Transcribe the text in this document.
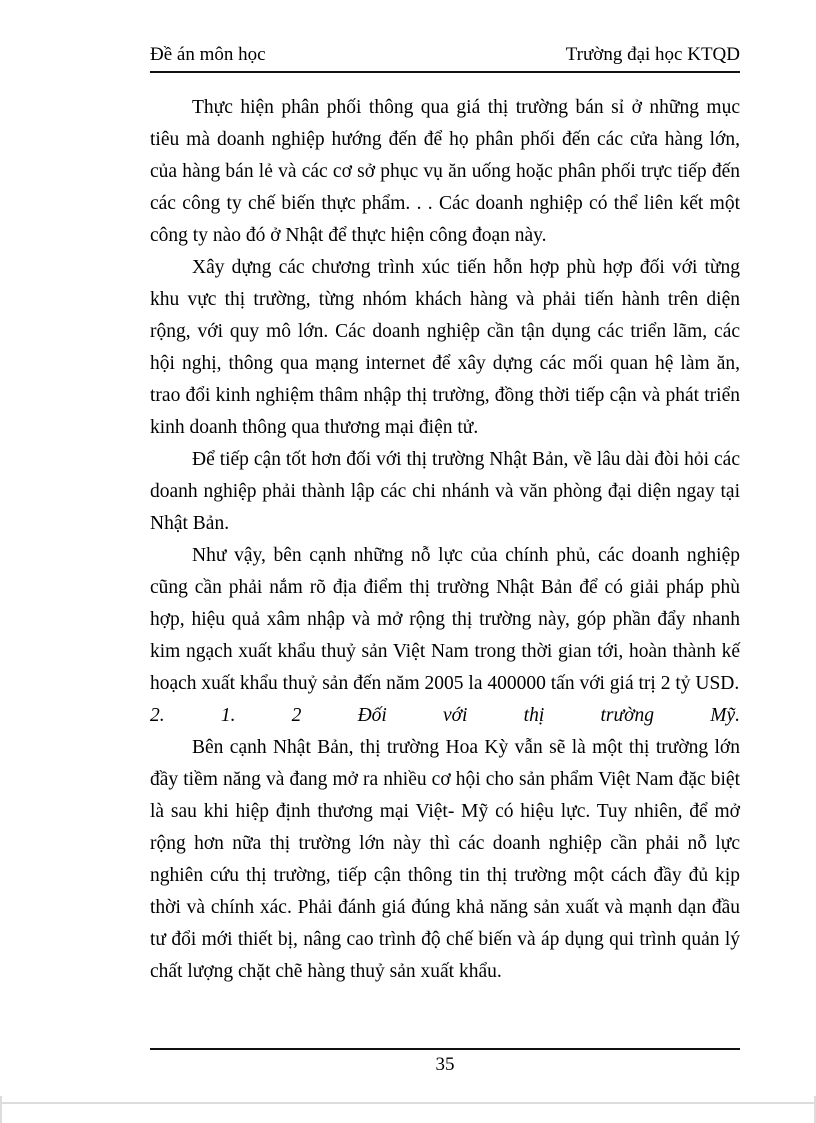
Đề án môn học	Trường đại học KTQD

Thực hiện phân phối thông qua giá thị trường bán sỉ ở những mục tiêu mà doanh nghiệp hướng đến để họ phân phối đến các cửa hàng lớn, của hàng bán lẻ và các cơ sở phục vụ ăn uống hoặc phân phối trực tiếp đến các công ty chế biến thực phẩm. . . Các doanh nghiệp có thể liên kết một công ty nào đó ở Nhật để thực hiện công đoạn này.

Xây dựng các chương trình xúc tiến hỗn hợp phù hợp đối với từng khu vực thị trường, từng nhóm khách hàng và phải tiến hành trên diện rộng, với quy mô lớn. Các doanh nghiệp cần tận dụng các triển lãm, các hội nghị, thông qua mạng internet để xây dựng các mối quan hệ làm ăn, trao đổi kinh nghiệm thâm nhập thị trường, đồng thời tiếp cận và phát triển kinh doanh thông qua thương mại điện tử.

Để tiếp cận tốt hơn đối với thị trường Nhật Bản, về lâu dài đòi hỏi các doanh nghiệp phải thành lập các chi nhánh và văn phòng đại diện ngay tại Nhật Bản.

Như vậy, bên cạnh những nỗ lực của chính phủ, các doanh nghiệp cũng cần phải nắm rõ địa điểm thị trường Nhật Bản để có giải pháp phù hợp, hiệu quả xâm nhập và mở rộng thị trường này, góp phần đẩy nhanh kim ngạch xuất khẩu thuỷ sản Việt Nam trong thời gian tới, hoàn thành kế hoạch xuất khẩu thuỷ sản đến năm 2005 la 400000 tấn với giá trị 2 tỷ USD.

2.	1.	2	Đối	với	thị	trường	Mỹ.

Bên cạnh Nhật Bản, thị trường Hoa Kỳ vẫn sẽ là một thị trường lớn đầy tiềm năng và đang mở ra nhiều cơ hội cho sản phẩm Việt Nam đặc biệt là sau khi hiệp định thương mại Việt- Mỹ có hiệu lực. Tuy nhiên, để mở rộng hơn nữa thị trường lớn này thì các doanh nghiệp cần phải nỗ lực nghiên cứu thị trường, tiếp cận thông tin thị trường một cách đầy đủ kịp thời và chính xác. Phải đánh giá đúng khả năng sản xuất và mạnh dạn đầu tư đổi mới thiết bị, nâng cao trình độ chế biến và áp dụng qui trình quản lý chất lượng chặt chẽ hàng thuỷ sản xuất khẩu.

35
